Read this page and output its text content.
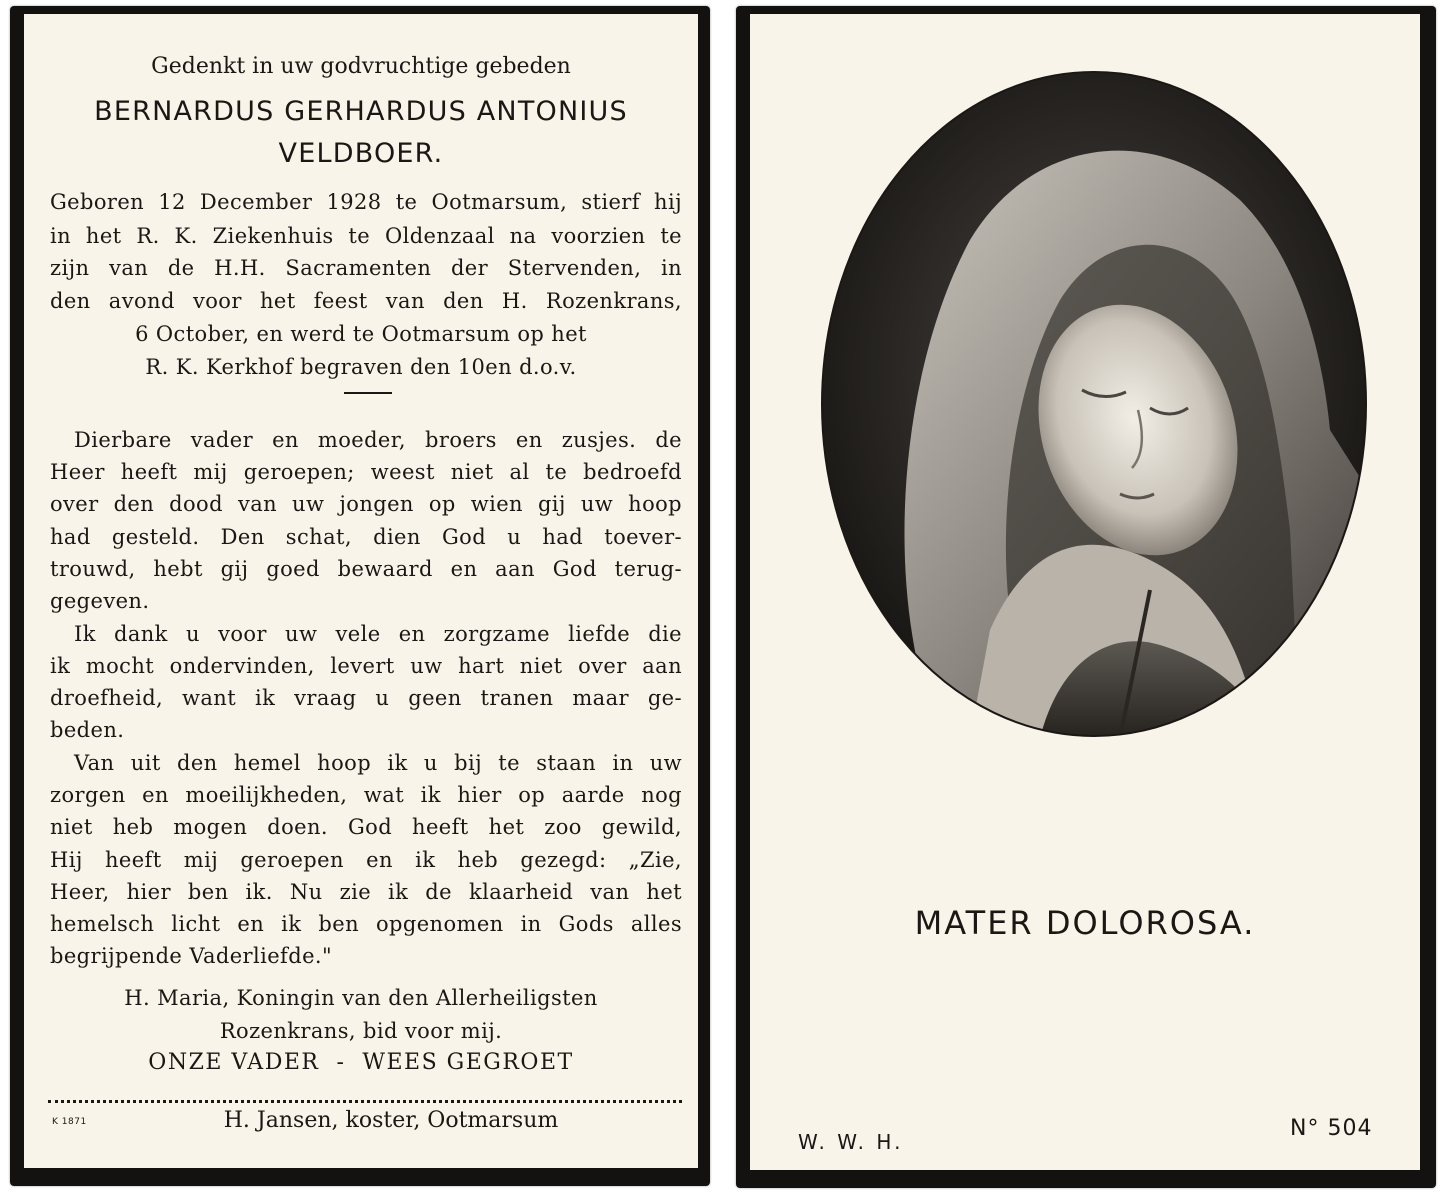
Gedenkt in uw godvruchtige gebeden
BERNARDUS GERHARDUS ANTONIUS
VELDBOER.
Geboren 12 December 1928 te Ootmarsum, stierf hij
in het R. K. Ziekenhuis te Oldenzaal na voorzien te
zijn van de H.H. Sacramenten der Stervenden, in
den avond voor het feest van den H. Rozenkrans,
6 October, en werd te Ootmarsum op het
R. K. Kerkhof begraven den 10en d.o.v.
Dierbare vader en moeder, broers en zusjes. de
Heer heeft mij geroepen; weest niet al te bedroefd
over den dood van uw jongen op wien gij uw hoop
had gesteld. Den schat, dien God u had toever-
trouwd, hebt gij goed bewaard en aan God terug-
gegeven.
Ik dank u voor uw vele en zorgzame liefde die
ik mocht ondervinden, levert uw hart niet over aan
droefheid, want ik vraag u geen tranen maar ge-
beden.
Van uit den hemel hoop ik u bij te staan in uw
zorgen en moeilijkheden, wat ik hier op aarde nog
niet heb mogen doen. God heeft het zoo gewild,
Hij heeft mij geroepen en ik heb gezegd: „Zie,
Heer, hier ben ik. Nu zie ik de klaarheid van het
hemelsch licht en ik ben opgenomen in Gods alles
begrijpende Vaderliefde."
H. Maria, Koningin van den Allerheiligsten
Rozenkrans, bid voor mij.
ONZE VADER  -  WEES GEGROET
K 1871	H. Jansen, koster, Ootmarsum
MATER DOLOROSA.
W. W. H.
N° 504
